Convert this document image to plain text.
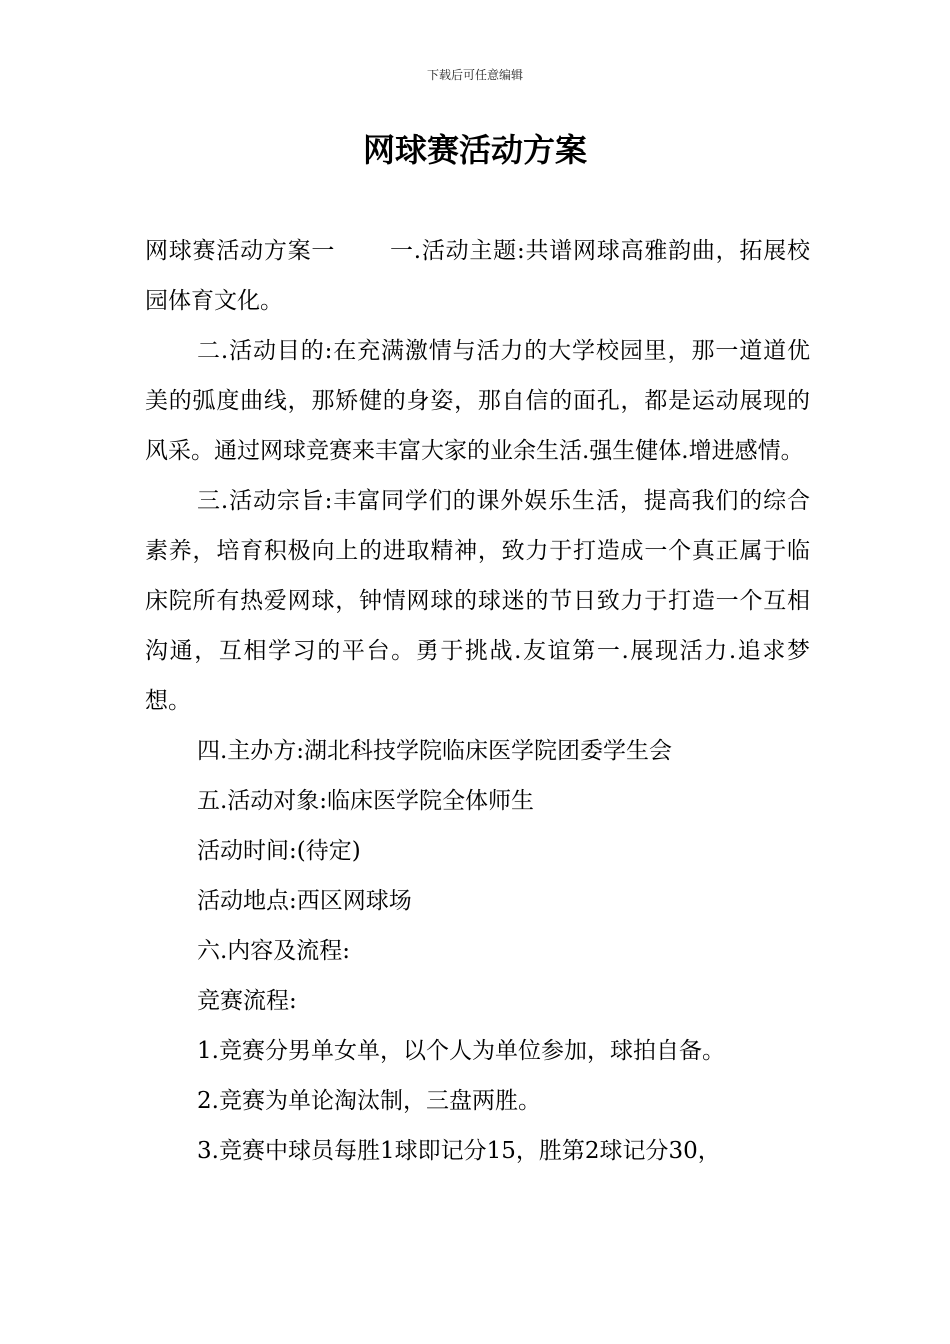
下载后可任意编辑
网球赛活动方案

网球赛活动方案一 一.活动主题:共谱网球高雅韵曲，拓展校园体育文化。

二.活动目的:在充满激情与活力的大学校园里，那一道道优美的弧度曲线，那矫健的身姿，那自信的面孔，都是运动展现的风采。通过网球竞赛来丰富大家的业余生活.强生健体.增进感情。

三.活动宗旨:丰富同学们的课外娱乐生活，提高我们的综合素养，培育积极向上的进取精神，致力于打造成一个真正属于临床院所有热爱网球，钟情网球的球迷的节日致力于打造一个互相沟通，互相学习的平台。勇于挑战.友谊第一.展现活力.追求梦想。

四.主办方:湖北科技学院临床医学院团委学生会

五.活动对象:临床医学院全体师生

活动时间:(待定)

活动地点:西区网球场

六.内容及流程:

竞赛流程:

1.竞赛分男单女单，以个人为单位参加，球拍自备。

2.竞赛为单论淘汰制，三盘两胜。

3.竞赛中球员每胜1球即记分15，胜第2球记分30，
